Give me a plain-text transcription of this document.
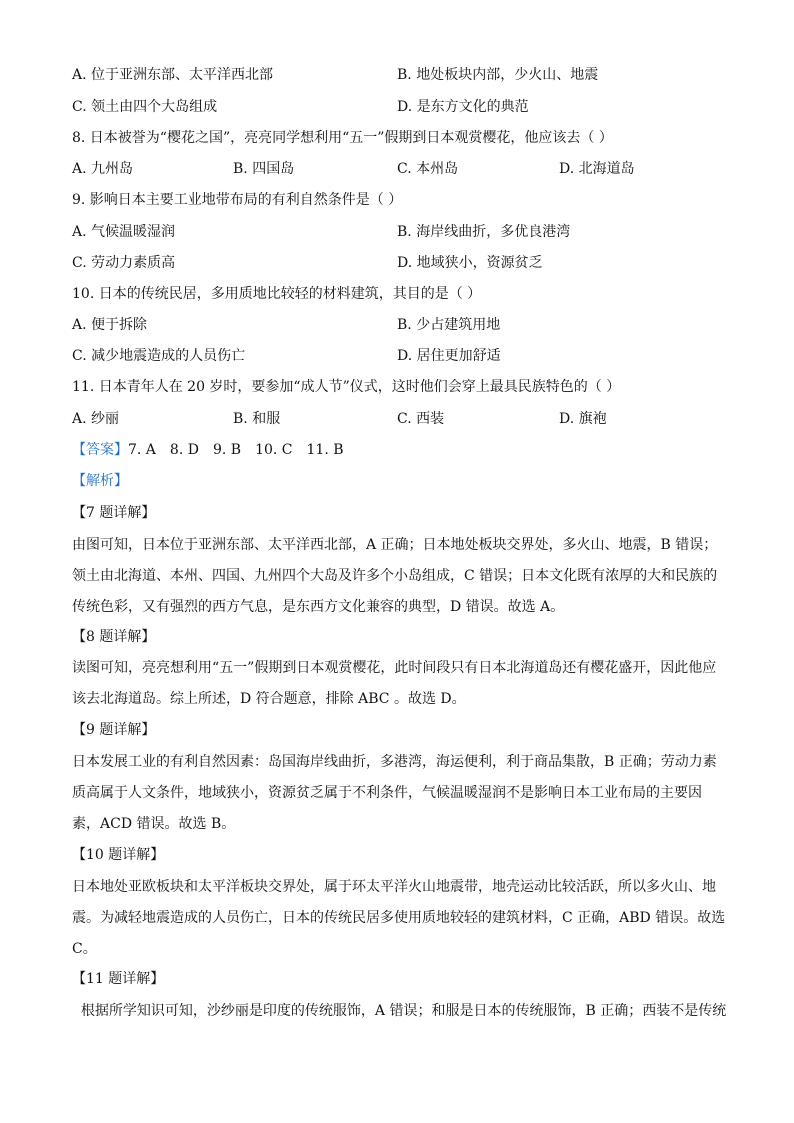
A. 位于亚洲东部、太平洋西北部	B. 地处板块内部，少火山、地震
C. 领土由四个大岛组成	D. 是东方文化的典范
8. 日本被誉为“樱花之国”，亮亮同学想利用“五一”假期到日本观赏樱花，他应该去（ ）
A. 九州岛	B. 四国岛	C. 本州岛	D. 北海道岛
9. 影响日本主要工业地带布局的有利自然条件是（ ）
A. 气候温暖湿润	B. 海岸线曲折，多优良港湾
C. 劳动力素质高	D. 地域狭小，资源贫乏
10. 日本的传统民居，多用质地比较轻的材料建筑，其目的是（ ）
A. 便于拆除	B. 少占建筑用地
C. 减少地震造成的人员伤亡	D. 居住更加舒适
11. 日本青年人在 20 岁时，要参加“成人节”仪式，这时他们会穿上最具民族特色的（ ）
A. 纱丽	B. 和服	C. 西装	D. 旗袍
【答案】7. A 8. D 9. B 10. C 11. B
【解析】
【7 题详解】
由图可知，日本位于亚洲东部、太平洋西北部，A 正确；日本地处板块交界处，多火山、地震，B 错误；
领土由北海道、本州、四国、九州四个大岛及许多个小岛组成，C 错误；日本文化既有浓厚的大和民族的
传统色彩，又有强烈的西方气息，是东西方文化兼容的典型，D 错误。故选 A。
【8 题详解】
读图可知，亮亮想利用“五一”假期到日本观赏樱花，此时间段只有日本北海道岛还有樱花盛开，因此他应
该去北海道岛。综上所述，D 符合题意，排除 ABC 。故选 D。
【9 题详解】
日本发展工业的有利自然因素：岛国海岸线曲折，多港湾，海运便利，利于商品集散，B 正确；劳动力素
质高属于人文条件，地域狭小，资源贫乏属于不利条件，气候温暖湿润不是影响日本工业布局的主要因
素，ACD 错误。故选 B。
【10 题详解】
日本地处亚欧板块和太平洋板块交界处，属于环太平洋火山地震带，地壳运动比较活跃，所以多火山、地
震。为减轻地震造成的人员伤亡，日本的传统民居多使用质地较轻的建筑材料，C 正确，ABD 错误。故选
C。
【11 题详解】
根据所学知识可知，沙纱丽是印度的传统服饰，A 错误；和服是日本的传统服饰，B 正确；西装不是传统
